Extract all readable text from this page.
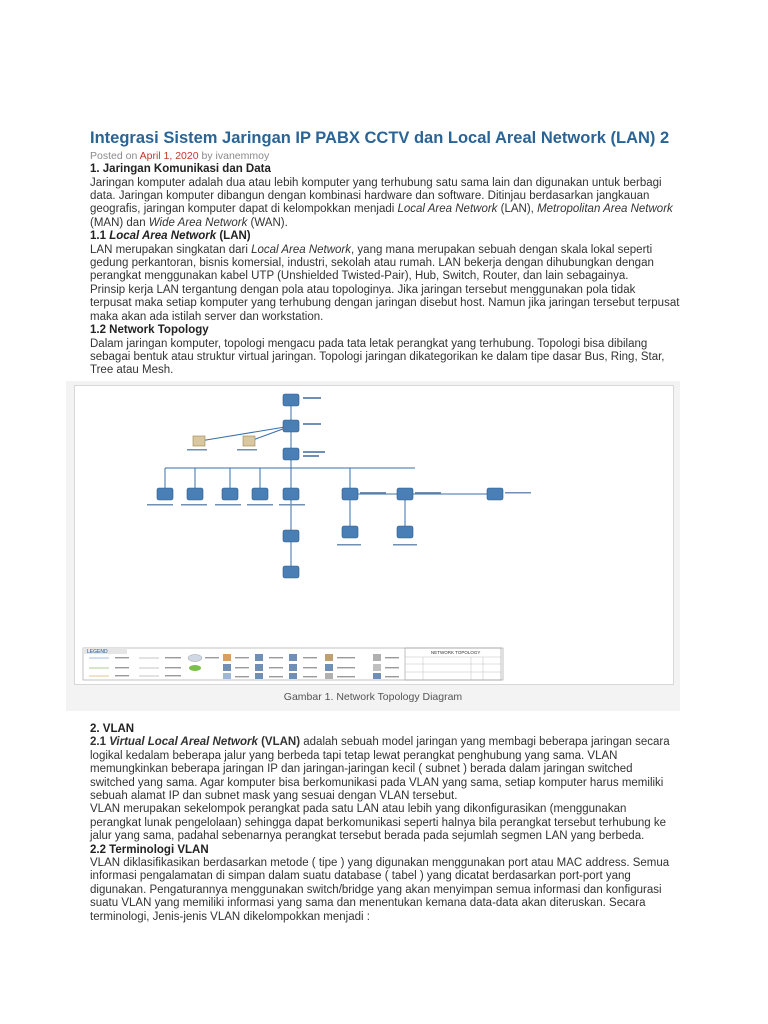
Integrasi Sistem Jaringan IP PABX CCTV dan Local Areal Network (LAN) 2
Posted on April 1, 2020 by ivanemmoy
1. Jaringan Komunikasi dan Data

Jaringan komputer adalah dua atau lebih komputer yang terhubung satu sama lain dan digunakan untuk berbagi data. Jaringan komputer dibangun dengan kombinasi hardware dan software. Ditinjau berdasarkan jangkauan geografis, jaringan komputer dapat di kelompokkan menjadi Local Area Network (LAN), Metropolitan Area Network (MAN) dan Wide Area Network (WAN).

1.1 Local Area Network (LAN)

LAN merupakan singkatan dari Local Area Network, yang mana merupakan sebuah dengan skala lokal seperti gedung perkantoran, bisnis komersial, industri, sekolah atau rumah. LAN bekerja dengan dihubungkan dengan perangkat menggunakan kabel UTP (Unshielded Twisted-Pair), Hub, Switch, Router, dan lain sebagainya.

Prinsip kerja LAN tergantung dengan pola atau topologinya. Jika jaringan tersebut menggunakan pola tidak terpusat maka setiap komputer yang terhubung dengan jaringan disebut host. Namun jika jaringan tersebut terpusat maka akan ada istilah server dan workstation.

1.2 Network Topology

Dalam jaringan komputer, topologi mengacu pada tata letak perangkat yang terhubung. Topologi bisa dibilang sebagai bentuk atau struktur virtual jaringan. Topologi jaringan dikategorikan ke dalam tipe dasar Bus, Ring, Star, Tree atau Mesh.

LEGEND	NETWORK TOPOLOGY
Gambar 1. Network Topology Diagram
2. VLAN

2.1 Virtual Local Areal Network (VLAN) adalah sebuah model jaringan yang membagi beberapa jaringan secara logikal kedalam beberapa jalur yang berbeda tapi tetap lewat perangkat penghubung yang sama. VLAN memungkinkan beberapa jaringan IP dan jaringan-jaringan kecil ( subnet ) berada dalam jaringan switched switched yang sama. Agar komputer bisa berkomunikasi pada VLAN yang sama, setiap komputer harus memiliki sebuah alamat IP dan subnet mask yang sesuai dengan VLAN tersebut.

VLAN merupakan sekelompok perangkat pada satu LAN atau lebih yang dikonfigurasikan (menggunakan perangkat lunak pengelolaan) sehingga dapat berkomunikasi seperti halnya bila perangkat tersebut terhubung ke jalur yang sama, padahal sebenarnya perangkat tersebut berada pada sejumlah segmen LAN yang berbeda.

2.2 Terminologi VLAN

VLAN diklasifikasikan berdasarkan metode ( tipe ) yang digunakan menggunakan port atau MAC address. Semua informasi pengalamatan di simpan dalam suatu database ( tabel ) yang dicatat berdasarkan port-port yang digunakan. Pengaturannya menggunakan switch/bridge yang akan menyimpan semua informasi dan konfigurasi suatu VLAN yang memiliki informasi yang sama dan menentukan kemana data-data akan diteruskan. Secara terminologi, Jenis-jenis VLAN dikelompokkan menjadi :
